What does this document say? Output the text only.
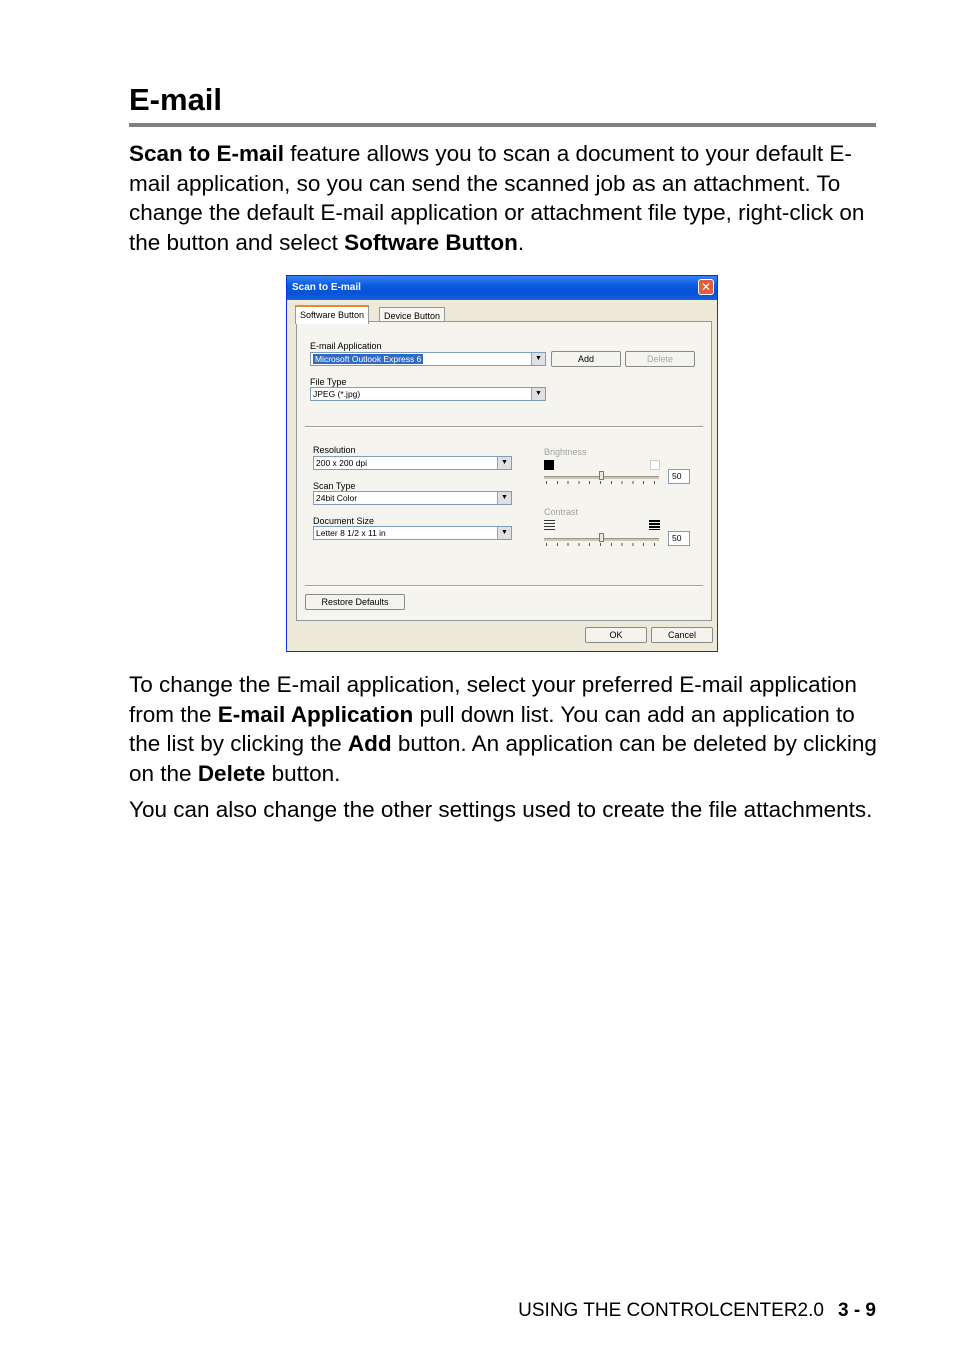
E-mail

Scan to E-mail feature allows you to scan a document to your default E-mail application, so you can send the scanned job as an attachment. To change the default E-mail application or attachment file type, right-click on the button and select Software Button.

Scan to E-mail	✕
Software Button	Device Button
E-mail Application
Microsoft Outlook Express 6	▼	Add	Delete
File Type
JPEG (*.jpg)	▼
Resolution
200 x 200 dpi	▼
Scan Type
24bit Color	▼
Document Size
Letter 8 1/2 x 11 in	▼
Brightness
50
Contrast
50
Restore Defaults
OK	Cancel

To change the E-mail application, select your preferred E-mail application from the E-mail Application pull down list. You can add an application to the list by clicking the Add button. An application can be deleted by clicking on the Delete button.

You can also change the other settings used to create the file attachments.

USING THE CONTROLCENTER2.0 3 - 9
